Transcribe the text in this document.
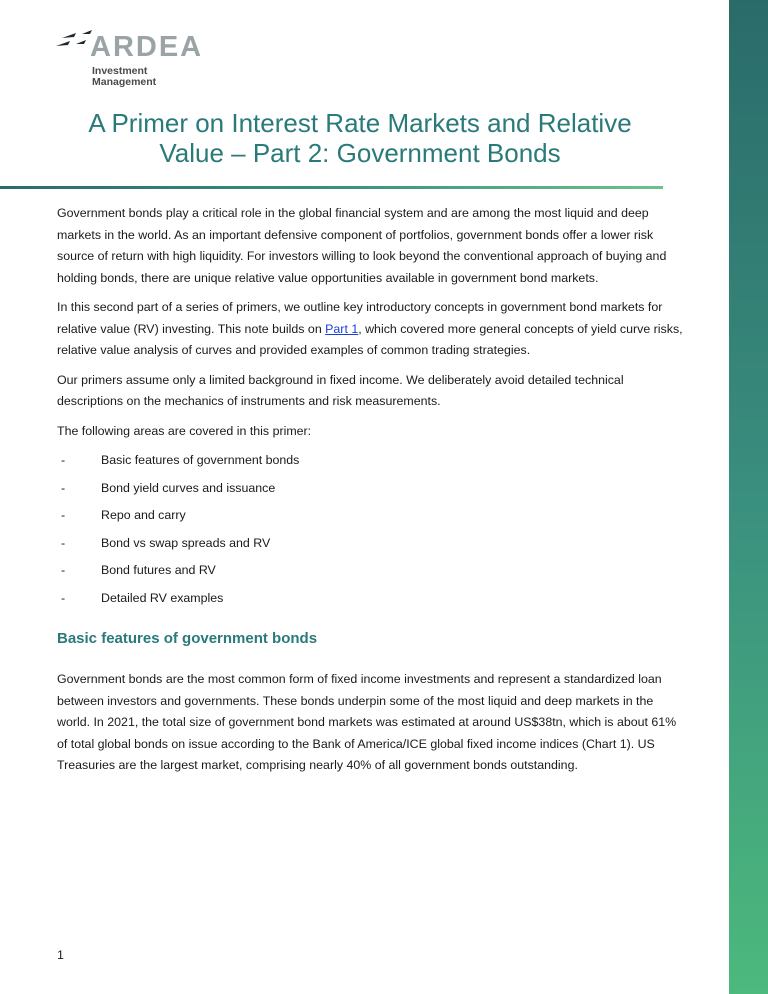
ARDEA
Investment
Management
A Primer on Interest Rate Markets and Relative Value – Part 2: Government Bonds

Government bonds play a critical role in the global financial system and are among the most liquid and deep markets in the world. As an important defensive component of portfolios, government bonds offer a lower risk source of return with high liquidity. For investors willing to look beyond the conventional approach of buying and holding bonds, there are unique relative value opportunities available in government bond markets.

In this second part of a series of primers, we outline key introductory concepts in government bond markets for relative value (RV) investing. This note builds on Part 1, which covered more general concepts of yield curve risks, relative value analysis of curves and provided examples of common trading strategies.

Our primers assume only a limited background in fixed income. We deliberately avoid detailed technical descriptions on the mechanics of instruments and risk measurements.

The following areas are covered in this primer:

-	Basic features of government bonds
-	Bond yield curves and issuance
-	Repo and carry
-	Bond vs swap spreads and RV
-	Bond futures and RV
-	Detailed RV examples
Basic features of government bonds

Government bonds are the most common form of fixed income investments and represent a standardized loan between investors and governments. These bonds underpin some of the most liquid and deep markets in the world. In 2021, the total size of government bond markets was estimated at around US$38tn, which is about 61% of total global bonds on issue according to the Bank of America/ICE global fixed income indices (Chart 1). US Treasuries are the largest market, comprising nearly 40% of all government bonds outstanding.

1
